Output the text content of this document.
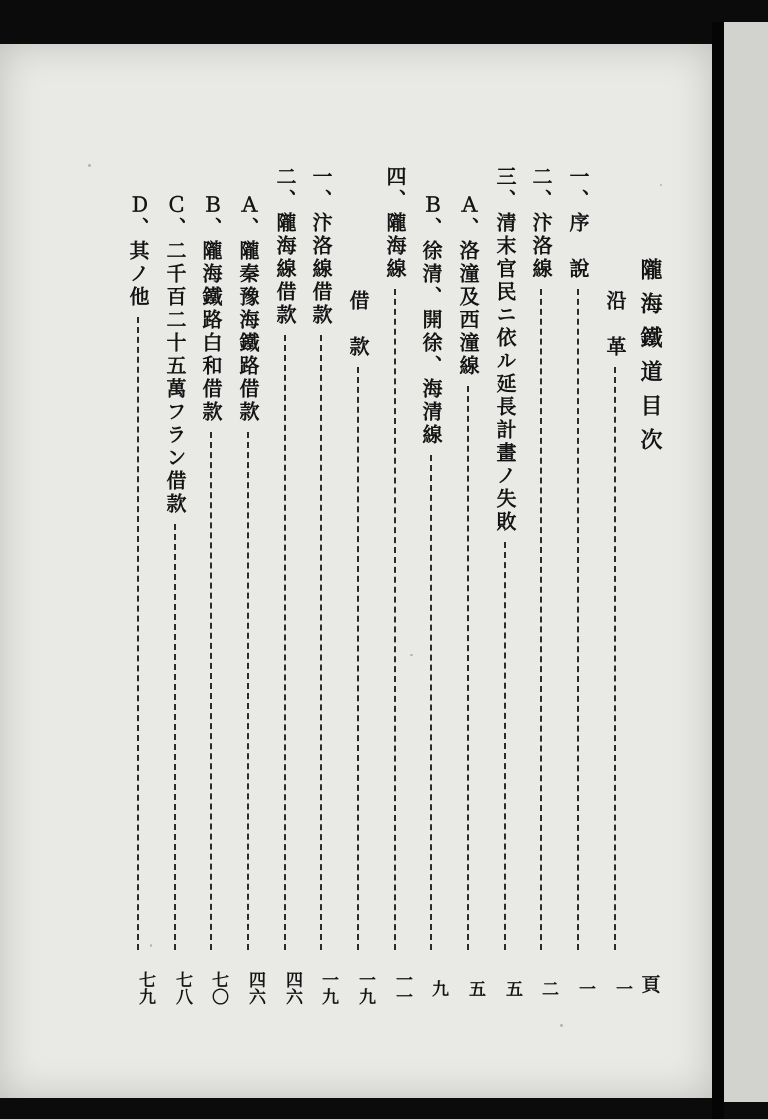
隴海鐵道目次
頁
沿　革
一
一、序　說
一
二、汴洛線
二
三、清末官民ニ依ル延長計畫ノ失敗
五
Ａ、洛潼及西潼線
五
Ｂ、徐清、開徐、海清線
九
四、隴海線
一一
借　款
一九
一、汴洛線借款
一九
二、隴海線借款
四六
Ａ、隴秦豫海鐵路借款
四六
Ｂ、隴海鐵路白和借款
七〇
Ｃ、二千百二十五萬フラン借款
七八
Ｄ、其ノ他
七九
